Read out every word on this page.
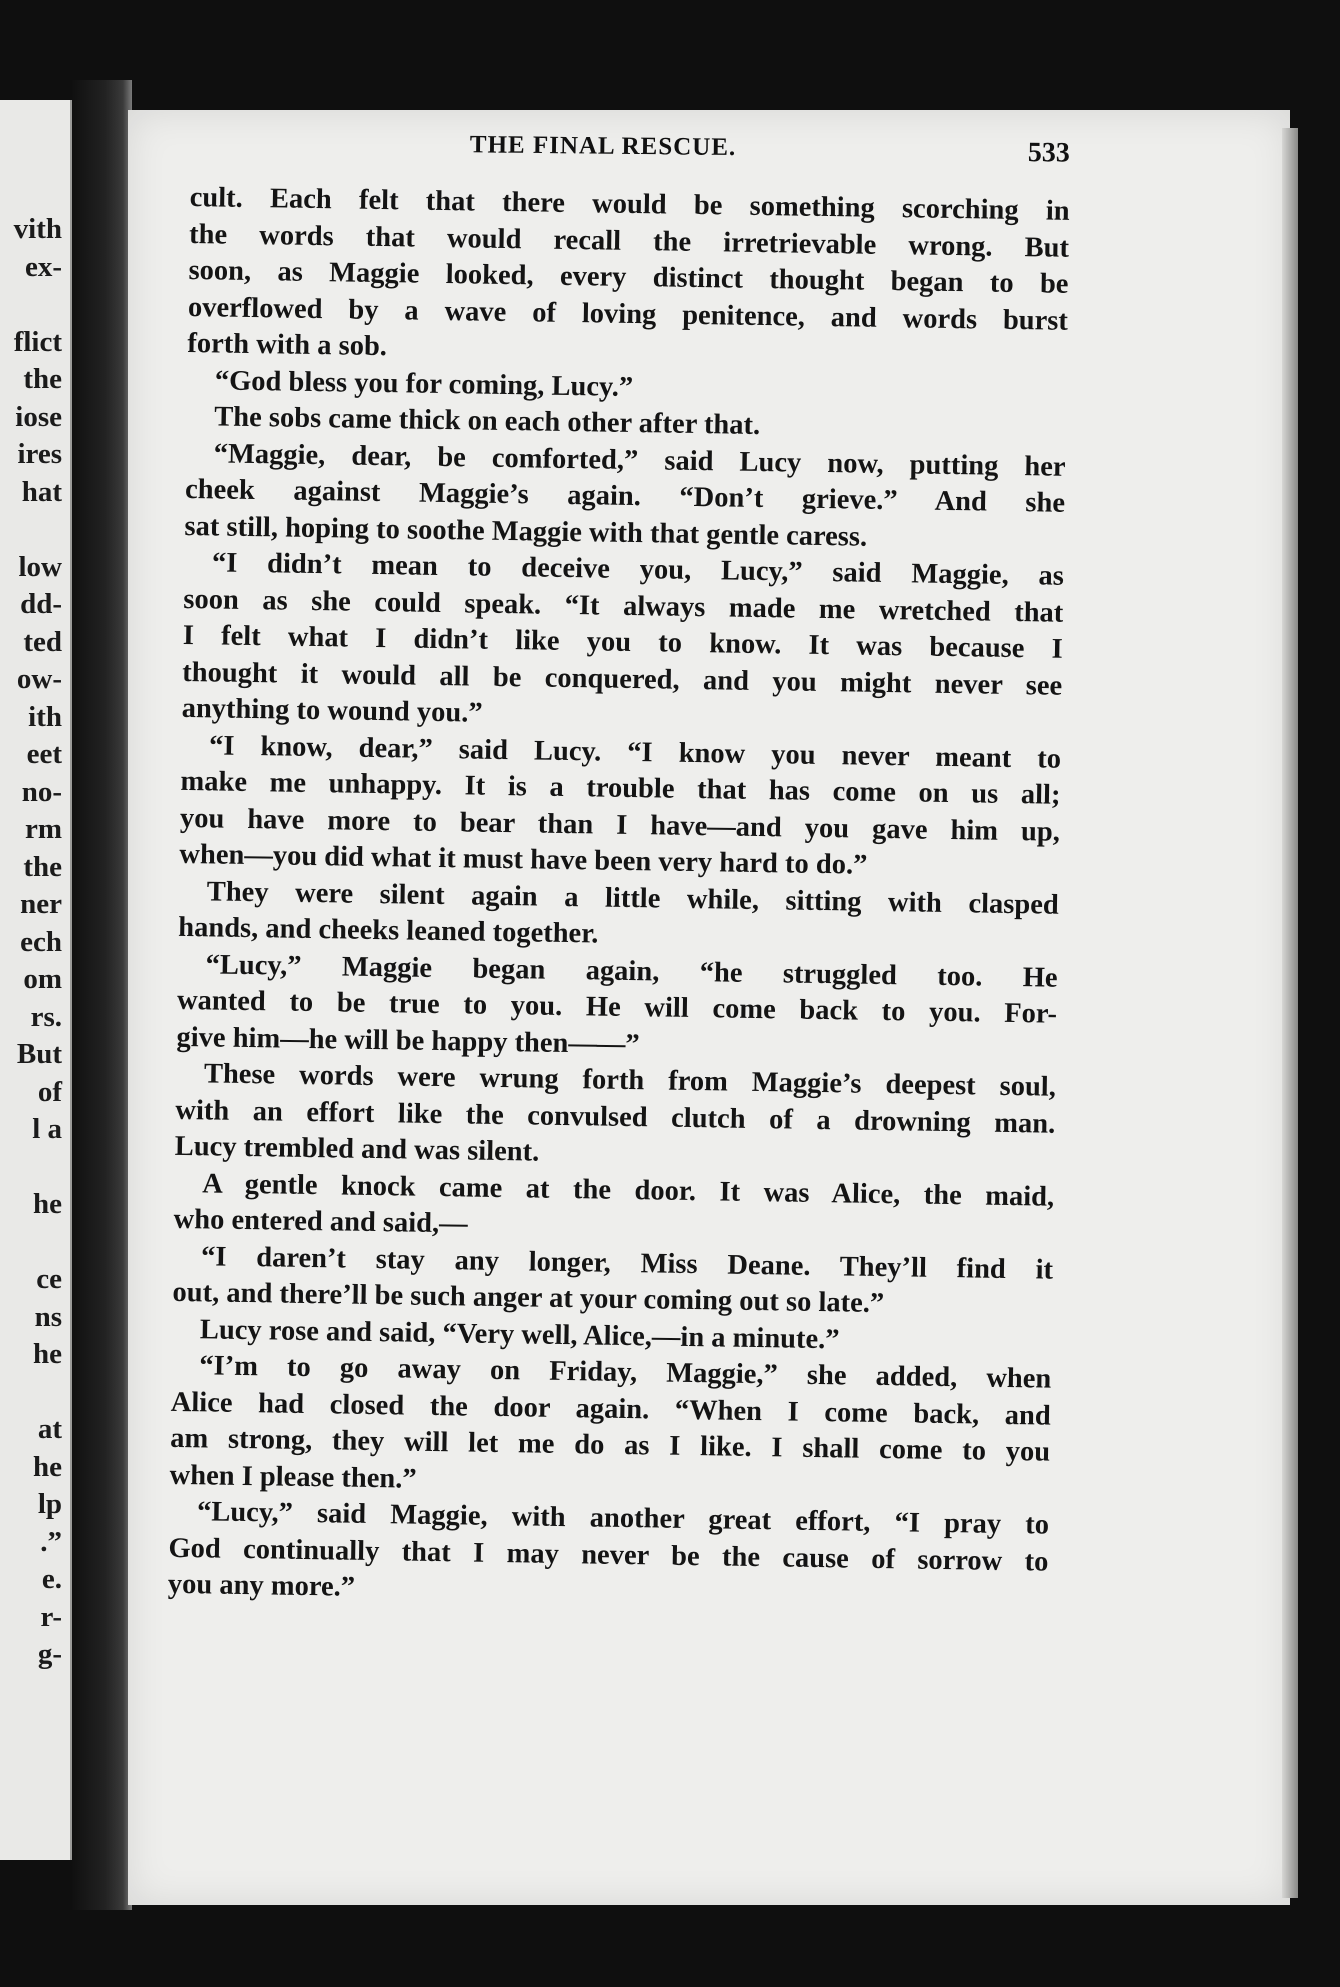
vith
ex-
flict
the
iose
ires
hat
low
dd-
ted
ow-
ith
eet
no-
rm
the
ner
ech
om
rs.
But
of
l a
he
ce
ns
he
at
he
lp
.”
e.
r-
g-
THE FINAL RESCUE.	533
cult. Each felt that there would be something scorching in
the words that would recall the irretrievable wrong. But
soon, as Maggie looked, every distinct thought began to be
overflowed by a wave of loving penitence, and words burst
forth with a sob.
“God bless you for coming, Lucy.”
The sobs came thick on each other after that.
“Maggie, dear, be comforted,” said Lucy now, putting her
cheek against Maggie’s again. “Don’t grieve.” And she
sat still, hoping to soothe Maggie with that gentle caress.
“I didn’t mean to deceive you, Lucy,” said Maggie, as
soon as she could speak. “It always made me wretched that
I felt what I didn’t like you to know. It was because I
thought it would all be conquered, and you might never see
anything to wound you.”
“I know, dear,” said Lucy. “I know you never meant to
make me unhappy. It is a trouble that has come on us all;
you have more to bear than I have—and you gave him up,
when—you did what it must have been very hard to do.”
They were silent again a little while, sitting with clasped
hands, and cheeks leaned together.
“Lucy,” Maggie began again, “he struggled too. He
wanted to be true to you. He will come back to you. For-
give him—he will be happy then——”
These words were wrung forth from Maggie’s deepest soul,
with an effort like the convulsed clutch of a drowning man.
Lucy trembled and was silent.
A gentle knock came at the door. It was Alice, the maid,
who entered and said,—
“I daren’t stay any longer, Miss Deane. They’ll find it
out, and there’ll be such anger at your coming out so late.”
Lucy rose and said, “Very well, Alice,—in a minute.”
“I’m to go away on Friday, Maggie,” she added, when
Alice had closed the door again. “When I come back, and
am strong, they will let me do as I like. I shall come to you
when I please then.”
“Lucy,” said Maggie, with another great effort, “I pray to
God continually that I may never be the cause of sorrow to
you any more.”
